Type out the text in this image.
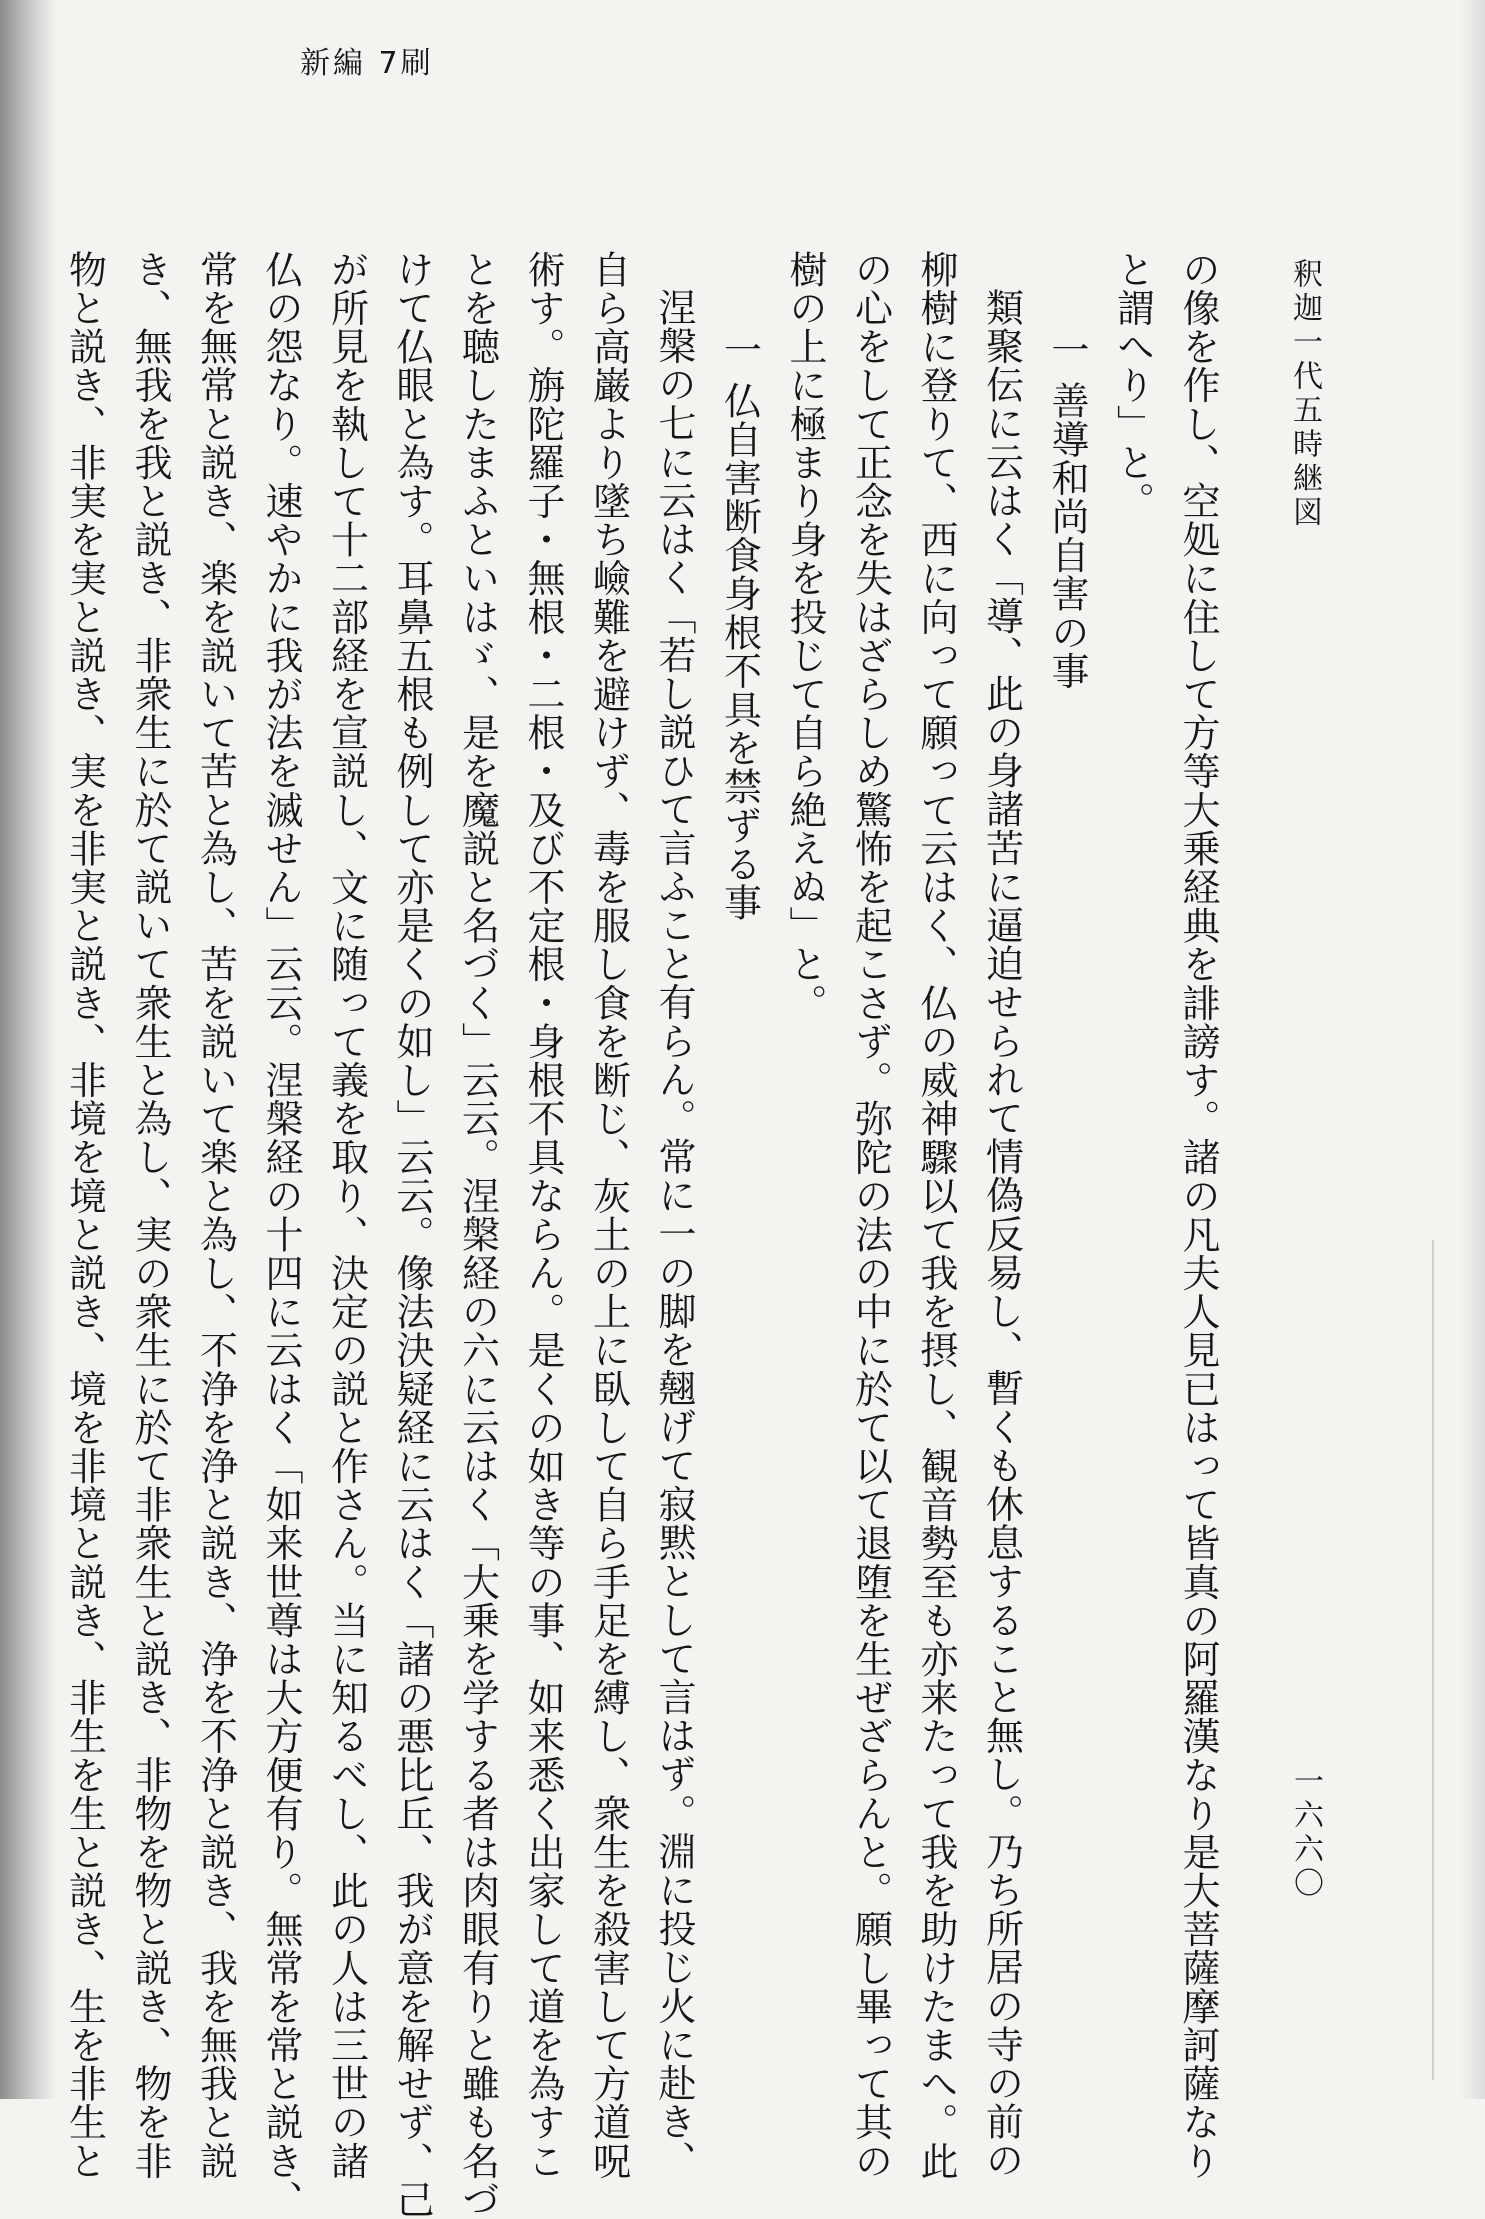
新編 7刷
釈迦一代五時継図
一六六〇
の像を作し、空処に住して方等大乗経典を誹謗す。諸の凡夫人見已はって皆真の阿羅漢なり是大菩薩摩訶薩なり
と謂へり」と。
一 善導和尚自害の事
類聚伝に云はく「導、此の身諸苦に逼迫せられて情偽反易し、暫くも休息すること無し。乃ち所居の寺の前の
柳樹に登りて、西に向って願って云はく、仏の威神驟以て我を摂し、観音勢至も亦来たって我を助けたまへ。此
の心をして正念を失はざらしめ驚怖を起こさず。弥陀の法の中に於て以て退堕を生ぜざらんと。願し畢って其の
樹の上に極まり身を投じて自ら絶えぬ」と。
一 仏自害断食身根不具を禁ずる事
涅槃の七に云はく「若し説ひて言ふこと有らん。常に一の脚を翹げて寂黙として言はず。淵に投じ火に赴き、
自ら高巌より墜ち嶮難を避けず、毒を服し食を断じ、灰土の上に臥して自ら手足を縛し、衆生を殺害して方道呪
術す。旃陀羅子・無根・二根・及び不定根・身根不具ならん。是くの如き等の事、如来悉く出家して道を為すこ
とを聴したまふといはゞ、是を魔説と名づく」云云。涅槃経の六に云はく「大乗を学する者は肉眼有りと雖も名づ
けて仏眼と為す。耳鼻五根も例して亦是くの如し」云云。像法決疑経に云はく「諸の悪比丘、我が意を解せず、己
が所見を執して十二部経を宣説し、文に随って義を取り、決定の説と作さん。当に知るべし、此の人は三世の諸
仏の怨なり。速やかに我が法を滅せん」云云。涅槃経の十四に云はく「如来世尊は大方便有り。無常を常と説き、
常を無常と説き、楽を説いて苦と為し、苦を説いて楽と為し、不浄を浄と説き、浄を不浄と説き、我を無我と説
き、無我を我と説き、非衆生に於て説いて衆生と為し、実の衆生に於て非衆生と説き、非物を物と説き、物を非
物と説き、非実を実と説き、実を非実と説き、非境を境と説き、境を非境と説き、非生を生と説き、生を非生と
